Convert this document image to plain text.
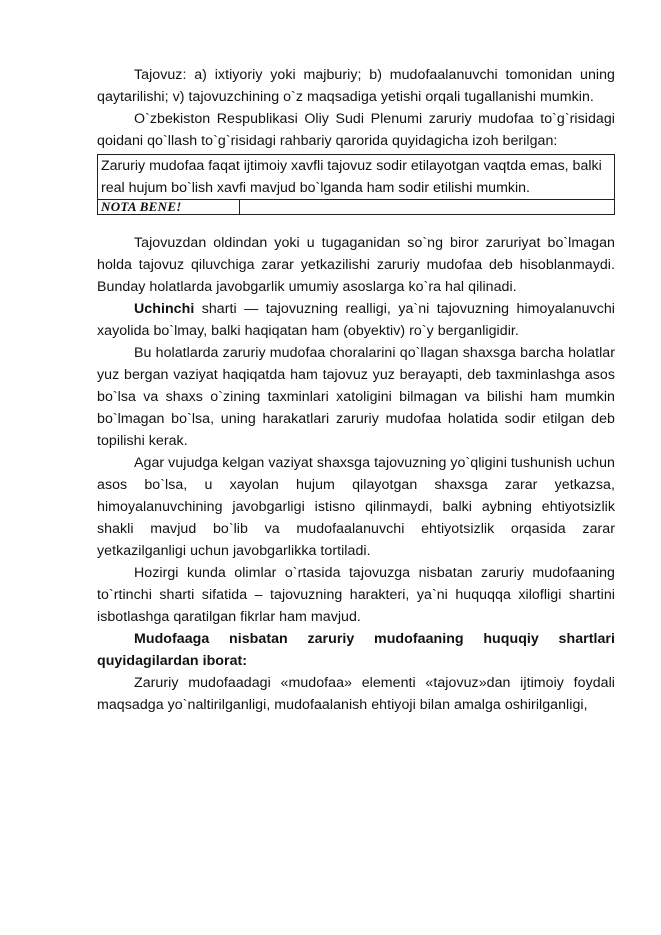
Tajovuz: a) ixtiyoriy yoki majburiy; b) mudofaalanuvchi tomonidan uning qaytarilishi; v) tajovuzchining o`z maqsadiga yetishi orqali tugallanishi mumkin.

O`zbekiston Respublikasi Oliy Sudi Plenumi zaruriy mudofaa to`g`risidagi qoidani qo`llash to`g`risidagi rahbariy qarorida quyidagicha izoh berilgan:

Zaruriy mudofaa faqat ijtimoiy xavfli tajovuz sodir etilayotgan vaqtda emas, balki real hujum bo`lish xavfi mavjud bo`lganda ham sodir etilishi mumkin.
NOTA BENE!	

Tajovuzdan oldindan yoki u tugaganidan so`ng biror zaruriyat bo`lmagan holda tajovuz qiluvchiga zarar yetkazilishi zaruriy mudofaa deb hisoblanmaydi. Bunday holatlarda javobgarlik umumiy asoslarga ko`ra hal qilinadi.

Uchinchi sharti — tajovuzning realligi, ya`ni tajovuzning himoyalanuvchi xayolida bo`lmay, balki haqiqatan ham (obyektiv) ro`y berganligidir.

Bu holatlarda zaruriy mudofaa choralarini qo`llagan shaxsga barcha holatlar yuz bergan vaziyat haqiqatda ham tajovuz yuz berayapti, deb taxminlashga asos bo`lsa va shaxs o`zining taxminlari xatoligini bilmagan va bilishi ham mumkin bo`lmagan bo`lsa, uning harakatlari zaruriy mudofaa holatida sodir etilgan deb topilishi kerak.

Agar vujudga kelgan vaziyat shaxsga tajovuzning yo`qligini tushunish uchun asos bo`lsa, u xayolan hujum qilayotgan shaxsga zarar yetkazsa, himoyalanuvchining javobgarligi istisno qilinmaydi, balki aybning ehtiyotsizlik shakli mavjud bo`lib va mudofaalanuvchi ehtiyotsizlik orqasida zarar yetkazilganligi uchun javobgarlikka tortiladi.

Hozirgi kunda olimlar o`rtasida tajovuzga nisbatan zaruriy mudofaaning to`rtinchi sharti sifatida – tajovuzning harakteri, ya`ni huquqqa xilofligi shartini isbotlashga qaratilgan fikrlar ham mavjud.

Mudofaaga nisbatan zaruriy mudofaaning huquqiy shartlari quyidagilardan iborat:

Zaruriy mudofaadagi «mudofaa» elementi «tajovuz»dan ijtimoiy foydali maqsadga yo`naltirilganligi, mudofaalanish ehtiyoji bilan amalga oshirilganligi,
